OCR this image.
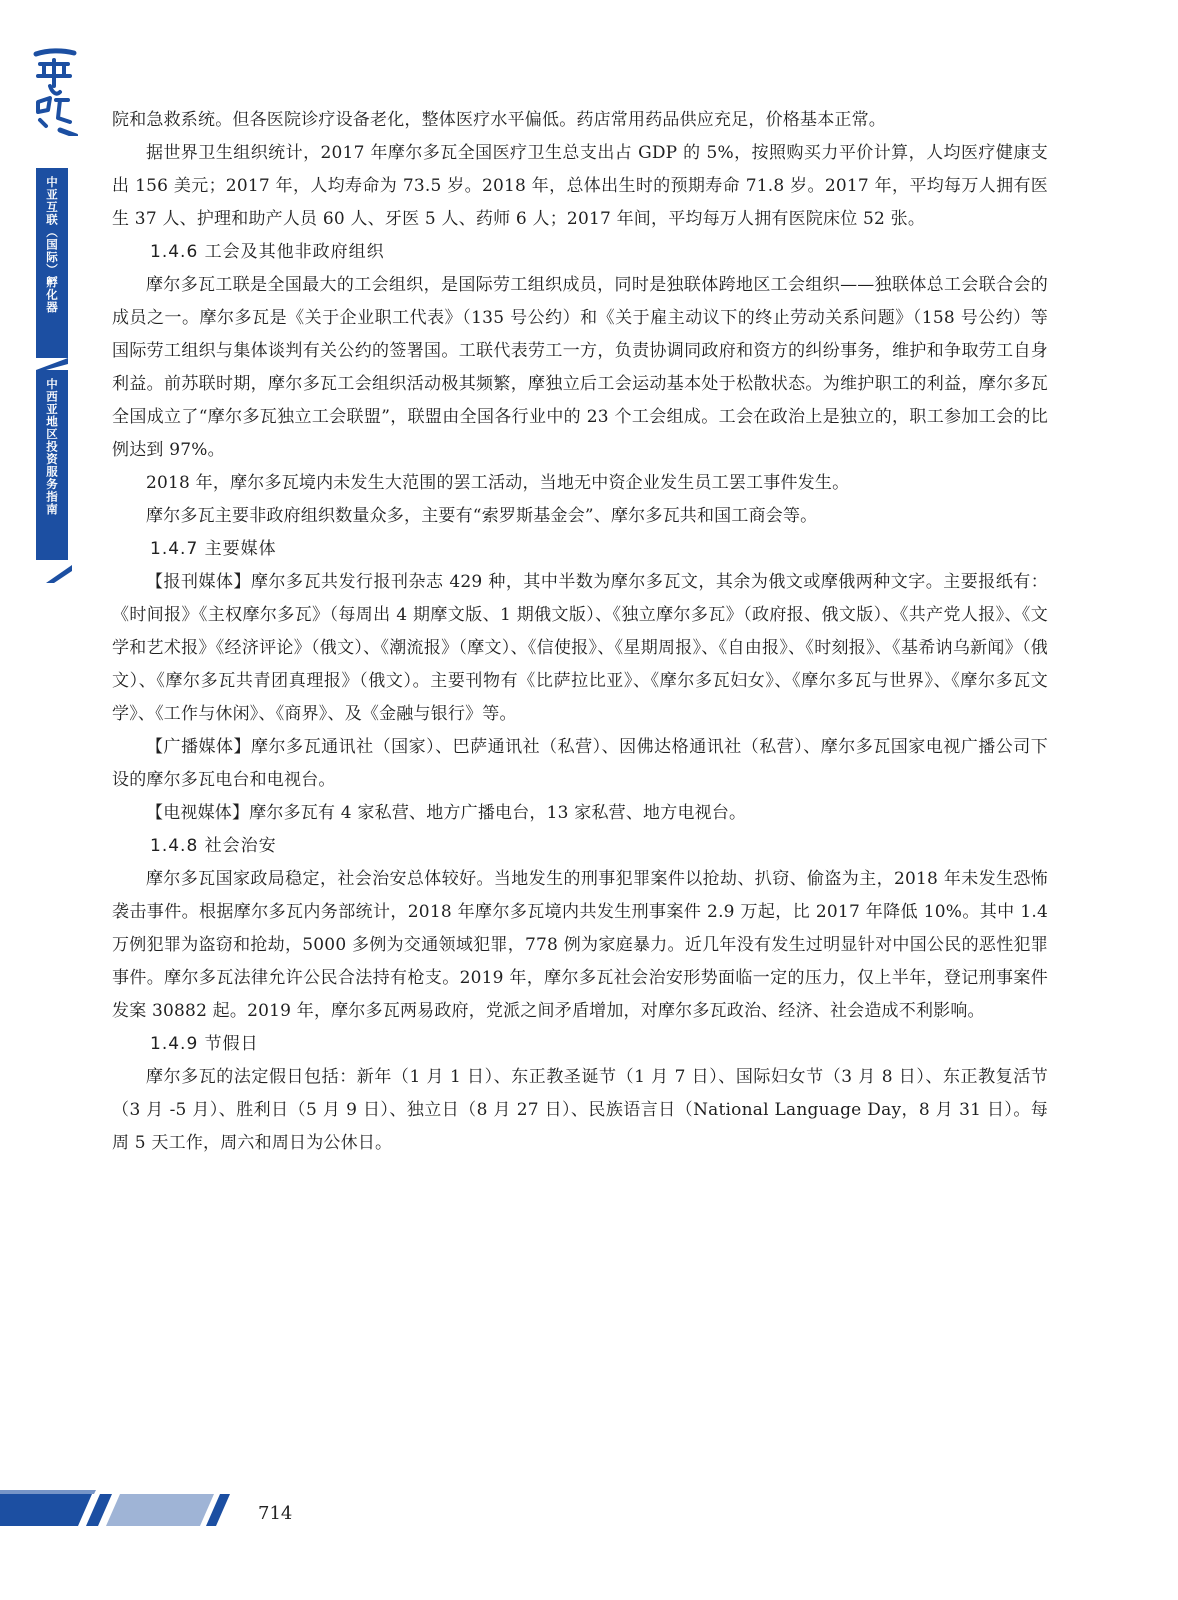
中亚互联（国际）孵化器
中西亚地区投资服务指南

院和急救系统。但各医院诊疗设备老化，整体医疗水平偏低。药店常用药品供应充足，价格基本正常。

据世界卫生组织统计，2017 年摩尔多瓦全国医疗卫生总支出占 GDP 的 5%，按照购买力平价计算，人均医疗健康支出 156 美元；2017 年，人均寿命为 73.5 岁。2018 年，总体出生时的预期寿命 71.8 岁。2017 年，平均每万人拥有医生 37 人、护理和助产人员 60 人、牙医 5 人、药师 6 人；2017 年间，平均每万人拥有医院床位 52 张。

1.4.6 工会及其他非政府组织

摩尔多瓦工联是全国最大的工会组织，是国际劳工组织成员，同时是独联体跨地区工会组织——独联体总工会联合会的成员之一。摩尔多瓦是《关于企业职工代表》（135 号公约）和《关于雇主动议下的终止劳动关系问题》（158 号公约）等国际劳工组织与集体谈判有关公约的签署国。工联代表劳工一方，负责协调同政府和资方的纠纷事务，维护和争取劳工自身利益。前苏联时期，摩尔多瓦工会组织活动极其频繁，摩独立后工会运动基本处于松散状态。为维护职工的利益，摩尔多瓦全国成立了“摩尔多瓦独立工会联盟”，联盟由全国各行业中的 23 个工会组成。工会在政治上是独立的，职工参加工会的比例达到 97%。

2018 年，摩尔多瓦境内未发生大范围的罢工活动，当地无中资企业发生员工罢工事件发生。

摩尔多瓦主要非政府组织数量众多，主要有“索罗斯基金会”、摩尔多瓦共和国工商会等。

1.4.7 主要媒体

【报刊媒体】摩尔多瓦共发行报刊杂志 429 种，其中半数为摩尔多瓦文，其余为俄文或摩俄两种文字。主要报纸有：《时间报》《主权摩尔多瓦》（每周出 4 期摩文版、1 期俄文版）、《独立摩尔多瓦》（政府报、俄文版）、《共产党人报》、《文学和艺术报》《经济评论》（俄文）、《潮流报》（摩文）、《信使报》、《星期周报》、《自由报》、《时刻报》、《基希讷乌新闻》（俄文）、《摩尔多瓦共青团真理报》（俄文）。主要刊物有《比萨拉比亚》、《摩尔多瓦妇女》、《摩尔多瓦与世界》、《摩尔多瓦文学》、《工作与休闲》、《商界》、及《金融与银行》等。

【广播媒体】摩尔多瓦通讯社（国家）、巴萨通讯社（私营）、因佛达格通讯社（私营）、摩尔多瓦国家电视广播公司下设的摩尔多瓦电台和电视台。

【电视媒体】摩尔多瓦有 4 家私营、地方广播电台，13 家私营、地方电视台。

1.4.8 社会治安

摩尔多瓦国家政局稳定，社会治安总体较好。当地发生的刑事犯罪案件以抢劫、扒窃、偷盗为主，2018 年未发生恐怖袭击事件。根据摩尔多瓦内务部统计，2018 年摩尔多瓦境内共发生刑事案件 2.9 万起，比 2017 年降低 10%。其中 1.4 万例犯罪为盗窃和抢劫，5000 多例为交通领域犯罪，778 例为家庭暴力。近几年没有发生过明显针对中国公民的恶性犯罪事件。摩尔多瓦法律允许公民合法持有枪支。2019 年，摩尔多瓦社会治安形势面临一定的压力，仅上半年，登记刑事案件发案 30882 起。2019 年，摩尔多瓦两易政府，党派之间矛盾增加，对摩尔多瓦政治、经济、社会造成不利影响。

1.4.9 节假日

摩尔多瓦的法定假日包括：新年（1 月 1 日）、东正教圣诞节（1 月 7 日）、国际妇女节（3 月 8 日）、东正教复活节（3 月 -5 月）、胜利日（5 月 9 日）、独立日（8 月 27 日）、民族语言日（National Language Day，8 月 31 日）。每周 5 天工作，周六和周日为公休日。

714
